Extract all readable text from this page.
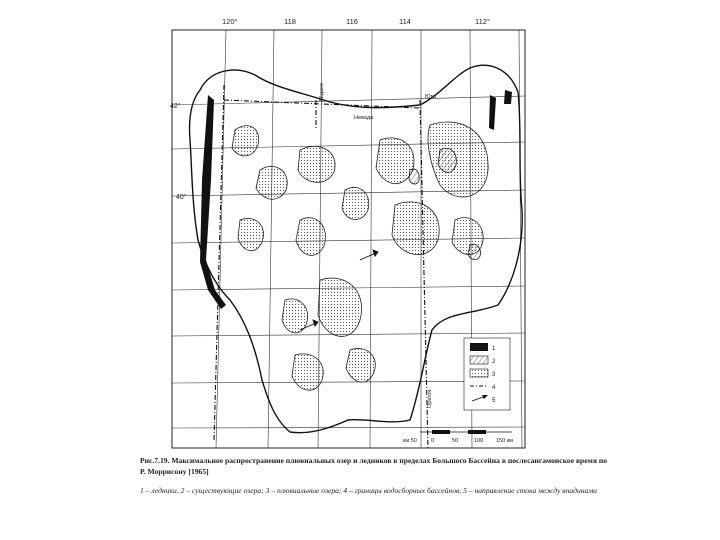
120°	118	116	114	112°
42°
40°
Юта
Айдахо
Невада
Орегон
1
2
3
4
5
км 50	0	50	100 150 км
Рис.7.19. Максимальное распространение плювиальных озер и ледников в пределах Большого Бассейна в послесангамонское время по Р. Моррисону [1965]
1 – ледники, 2 – существующие озера; 3 – плювиальные озера; 4 – границы водосборных бассейнов, 5 – направление стока между впадинами
